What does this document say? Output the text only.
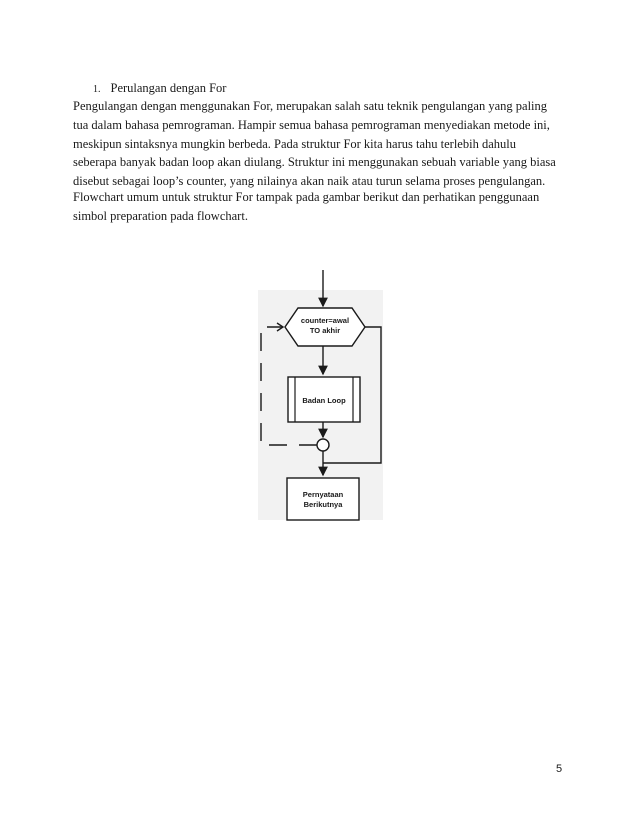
1. Perulangan dengan For
Pengulangan dengan menggunakan For, merupakan salah satu teknik pengulangan yang paling
tua dalam bahasa pemrograman. Hampir semua bahasa pemrograman menyediakan metode ini,
meskipun sintaksnya mungkin berbeda. Pada struktur For kita harus tahu terlebih dahulu
seberapa banyak badan loop akan diulang. Struktur ini menggunakan sebuah variable yang biasa
disebut sebagai loop’s counter, yang nilainya akan naik atau turun selama proses pengulangan.
Flowchart umum untuk struktur For tampak pada gambar berikut dan perhatikan penggunaan
simbol preparation pada flowchart.
counter=awal
TO akhir
Badan Loop
Pernyataan
Berikutnya
5
